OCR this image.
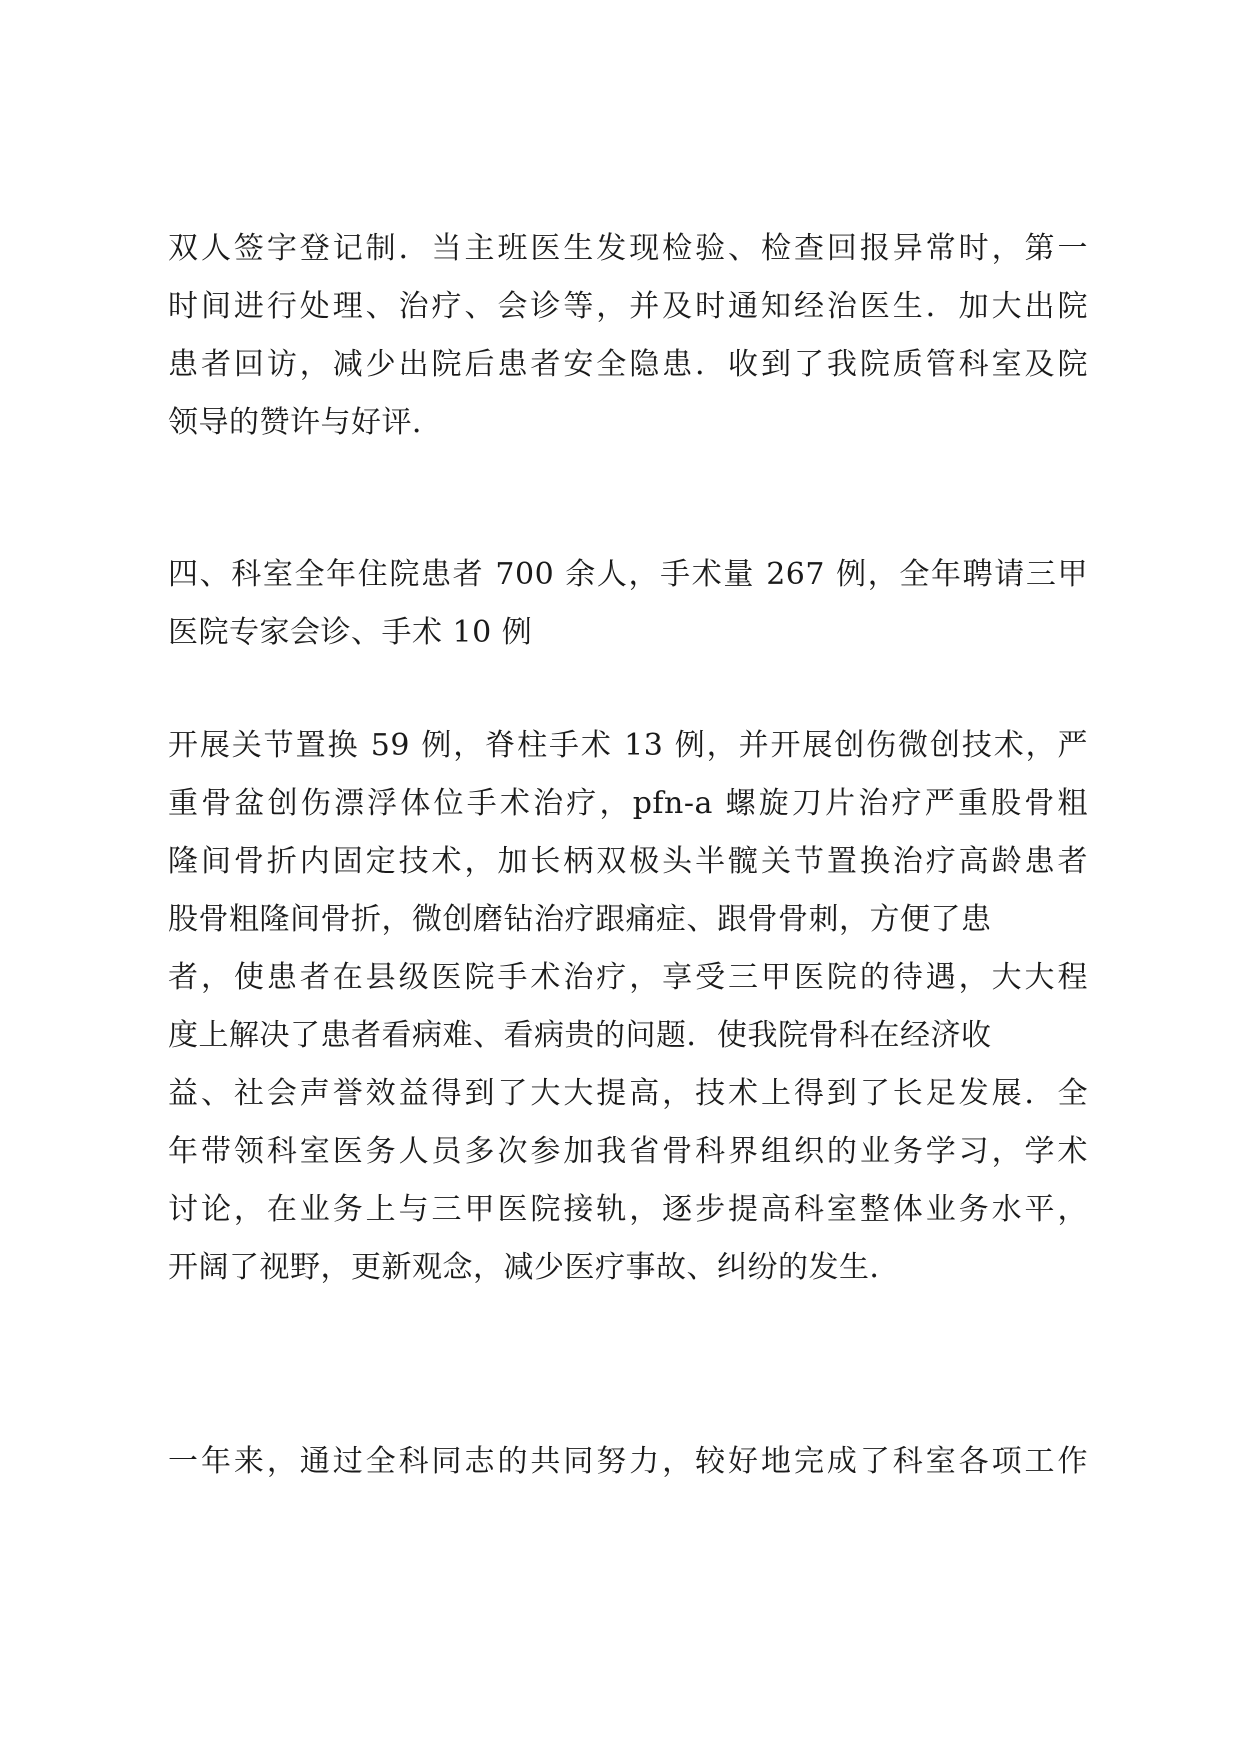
双人签字登记制．当主班医生发现检验、检查回报异常时，第一
时间进行处理、治疗、会诊等，并及时通知经治医生．加大出院
患者回访，减少出院后患者安全隐患．收到了我院质管科室及院
领导的赞许与好评．
四、科室全年住院患者 700 余人，手术量 267 例，全年聘请三甲
医院专家会诊、手术 10 例
开展关节置换 59 例，脊柱手术 13 例，并开展创伤微创技术，严
重骨盆创伤漂浮体位手术治疗，pfn-a 螺旋刀片治疗严重股骨粗
隆间骨折内固定技术，加长柄双极头半髋关节置换治疗高龄患者
股骨粗隆间骨折，微创磨钻治疗跟痛症、跟骨骨刺，方便了患
者，使患者在县级医院手术治疗，享受三甲医院的待遇，大大程
度上解决了患者看病难、看病贵的问题．使我院骨科在经济收
益、社会声誉效益得到了大大提高，技术上得到了长足发展．全
年带领科室医务人员多次参加我省骨科界组织的业务学习，学术
讨论，在业务上与三甲医院接轨，逐步提高科室整体业务水平，
开阔了视野，更新观念，减少医疗事故、纠纷的发生．
一年来，通过全科同志的共同努力，较好地完成了科室各项工作
